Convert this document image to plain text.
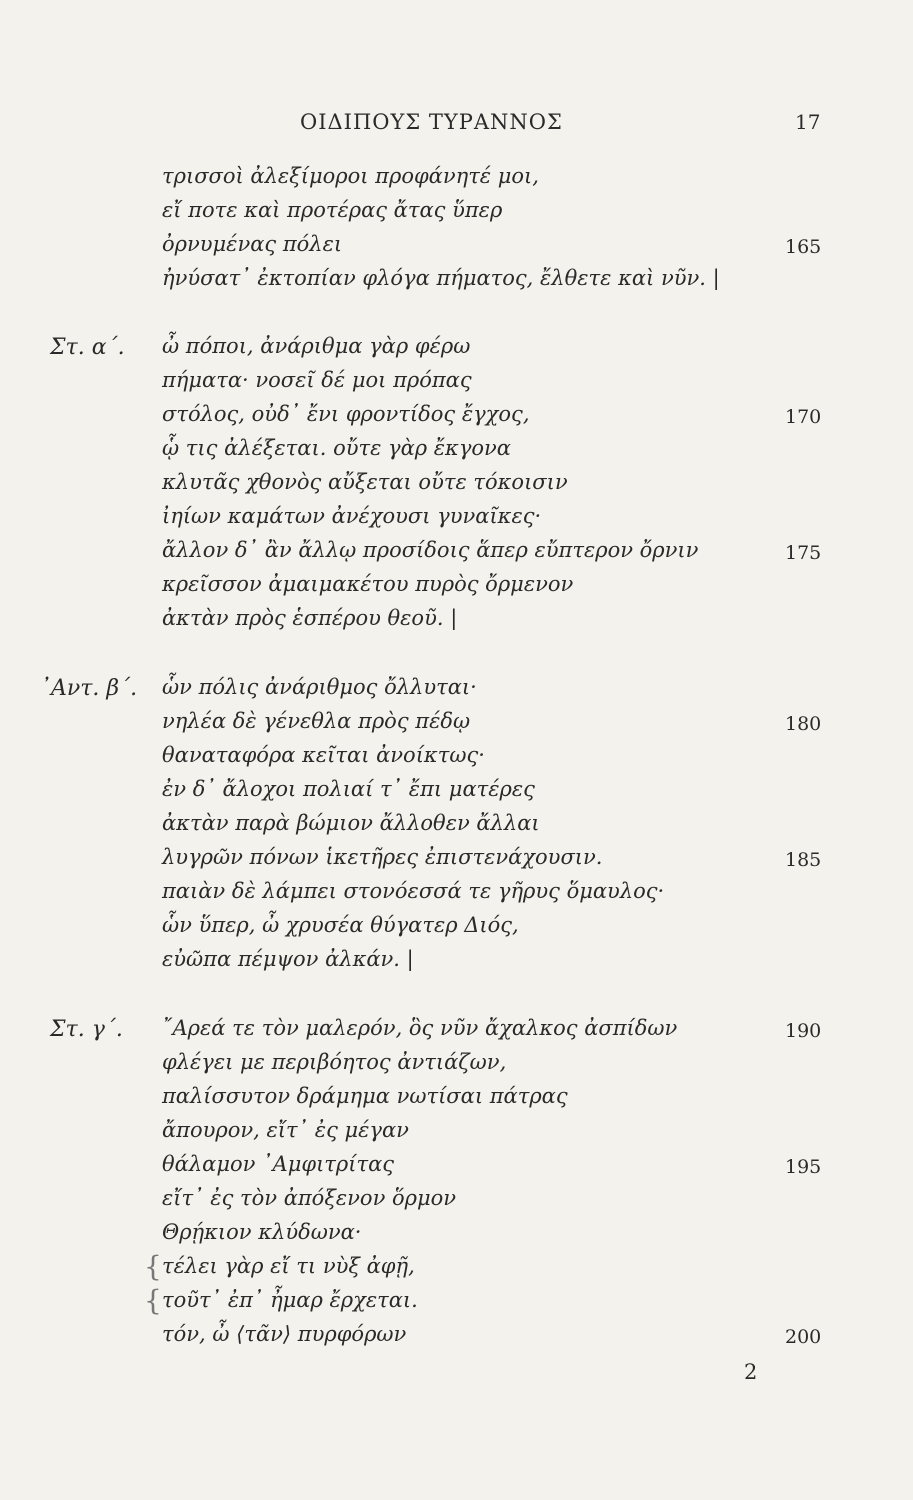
ΟΙΔΙΠΟΥΣ ΤΥΡΑΝΝΟΣ	17
Στ. α΄.
᾿Αντ. β΄.
Στ. γ΄.
τρισσοὶ ἀλεξίμοροι προφάνητέ μοι,
εἴ ποτε καὶ προτέρας ἄτας ὕπερ
ὀρνυμένας πόλει
ἠνύσατ᾿ ἐκτοπίαν φλόγα πήματος, ἔλθετε καὶ νῦν. |
ὦ πόποι, ἀνάριθμα γὰρ φέρω
πήματα· νοσεῖ δέ μοι πρόπας
στόλος, οὐδ᾿ ἔνι φροντίδος ἔγχος,
ᾧ τις ἀλέξεται. οὔτε γὰρ ἔκγονα
κλυτᾶς χθονὸς αὔξεται οὔτε τόκοισιν
ἰηίων καμάτων ἀνέχουσι γυναῖκες·
ἄλλον δ᾿ ἂν ἄλλῳ προσίδοις ἅπερ εὔπτερον ὄρνιν
κρεῖσσον ἀμαιμακέτου πυρὸς ὄρμενον
ἀκτὰν πρὸς ἑσπέρου θεοῦ. |
ὧν πόλις ἀνάριθμος ὄλλυται·
νηλέα δὲ γένεθλα πρὸς πέδῳ
θαναταφόρα κεῖται ἀνοίκτως·
ἐν δ᾿ ἄλοχοι πολιαί τ᾿ ἔπι ματέρες
ἀκτὰν παρὰ βώμιον ἄλλοθεν ἄλλαι
λυγρῶν πόνων ἱκετῆρες ἐπιστενάχουσιν.
παιὰν δὲ λάμπει στονόεσσά τε γῆρυς ὅμαυλος·
ὧν ὕπερ, ὦ χρυσέα θύγατερ Διός,
εὐῶπα πέμψον ἀλκάν. |
῎Αρεά τε τὸν μαλερόν, ὃς νῦν ἄχαλκος ἀσπίδων
φλέγει με περιβόητος ἀντιάζων,
παλίσσυτον δράμημα νωτίσαι πάτρας
ἄπουρον, εἴτ᾿ ἐς μέγαν
θάλαμον ᾿Αμφιτρίτας
εἴτ᾿ ἐς τὸν ἀπόξενον ὅρμον
Θρῄκιον κλύδωνα·
τέλει γὰρ εἴ τι νὺξ ἀφῇ,
τοῦτ᾿ ἐπ᾿ ἦμαρ ἔρχεται.
τόν, ὦ ⟨τᾶν⟩ πυρφόρων
{
{
165
170
175
180
185
190
195
200
2
